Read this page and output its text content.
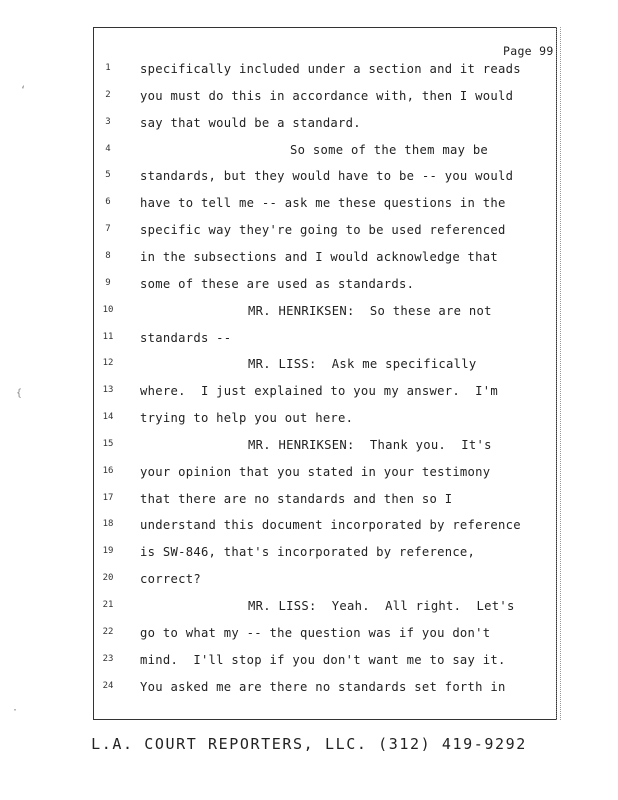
‘
{
·
Page 99
1	specifically included under a section and it reads
2	you must do this in accordance with, then I would
3	say that would be a standard.
4	So some of the them may be
5	standards, but they would have to be -- you would
6	have to tell me -- ask me these questions in the
7	specific way they're going to be used referenced
8	in the subsections and I would acknowledge that
9	some of these are used as standards.
10	MR. HENRIKSEN:  So these are not
11	standards --
12	MR. LISS:  Ask me specifically
13	where.  I just explained to you my answer.  I'm
14	trying to help you out here.
15	MR. HENRIKSEN:  Thank you.  It's
16	your opinion that you stated in your testimony
17	that there are no standards and then so I
18	understand this document incorporated by reference
19	is SW-846, that's incorporated by reference,
20	correct?
21	MR. LISS:  Yeah.  All right.  Let's
22	go to what my -- the question was if you don't
23	mind.  I'll stop if you don't want me to say it.
24	You asked me are there no standards set forth in
L.A. COURT REPORTERS, LLC. (312) 419-9292
